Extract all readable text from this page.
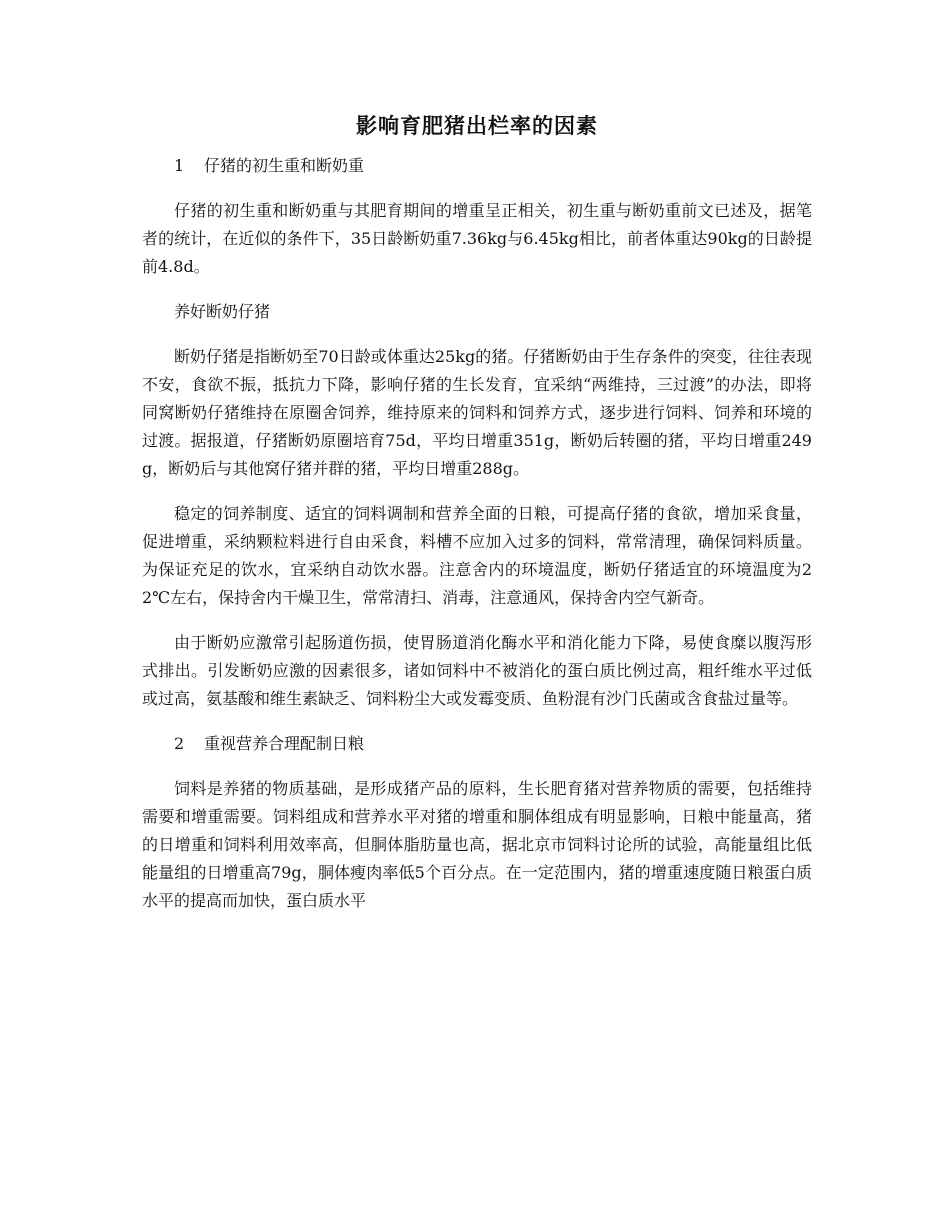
影响育肥猪出栏率的因素
1 仔猪的初生重和断奶重

仔猪的初生重和断奶重与其肥育期间的增重呈正相关，初生重与断奶重前文已述及，据笔者的统计，在近似的条件下，35日龄断奶重7.36kg与6.45kg相比，前者体重达90kg的日龄提前4.8d。

养好断奶仔猪

断奶仔猪是指断奶至70日龄或体重达25kg的猪。仔猪断奶由于生存条件的突变，往往表现不安，食欲不振，抵抗力下降，影响仔猪的生长发育，宜采纳“两维持，三过渡”的办法，即将同窝断奶仔猪维持在原圈舍饲养，维持原来的饲料和饲养方式，逐步进行饲料、饲养和环境的过渡。据报道，仔猪断奶原圈培育75d，平均日增重351g，断奶后转圈的猪，平均日增重249g，断奶后与其他窝仔猪并群的猪，平均日增重288g。

稳定的饲养制度、适宜的饲料调制和营养全面的日粮，可提高仔猪的食欲，增加采食量，促进增重，采纳颗粒料进行自由采食，料槽不应加入过多的饲料，常常清理，确保饲料质量。为保证充足的饮水，宜采纳自动饮水器。注意舍内的环境温度，断奶仔猪适宜的环境温度为22℃左右，保持舍内干燥卫生，常常清扫、消毒，注意通风，保持舍内空气新奇。

由于断奶应激常引起肠道伤损，使胃肠道消化酶水平和消化能力下降，易使食糜以腹泻形式排出。引发断奶应激的因素很多，诸如饲料中不被消化的蛋白质比例过高，粗纤维水平过低或过高，氨基酸和维生素缺乏、饲料粉尘大或发霉变质、鱼粉混有沙门氏菌或含食盐过量等。

2 重视营养合理配制日粮

饲料是养猪的物质基础，是形成猪产品的原料，生长肥育猪对营养物质的需要，包括维持需要和增重需要。饲料组成和营养水平对猪的增重和胴体组成有明显影响，日粮中能量高，猪的日增重和饲料利用效率高，但胴体脂肪量也高，据北京市饲料讨论所的试验，高能量组比低能量组的日增重高79g，胴体瘦肉率低5个百分点。在一定范围内，猪的增重速度随日粮蛋白质水平的提高而加快，蛋白质水平
